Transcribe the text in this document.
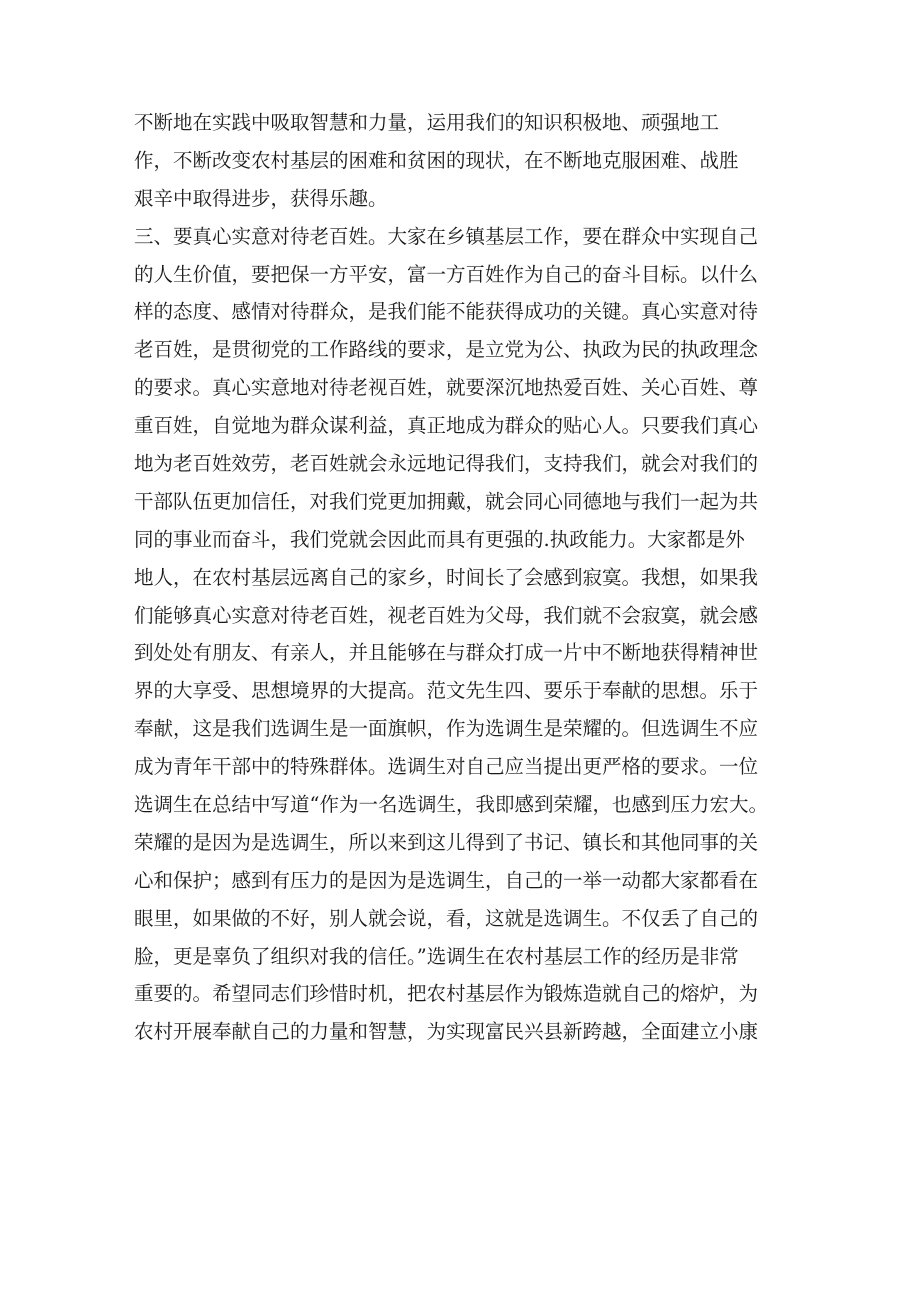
不断地在实践中吸取智慧和力量，运用我们的知识积极地、顽强地工
作，不断改变农村基层的困难和贫困的现状，在不断地克服困难、战胜
艰辛中取得进步，获得乐趣。
三、要真心实意对待老百姓。大家在乡镇基层工作，要在群众中实现自己
的人生价值，要把保一方平安，富一方百姓作为自己的奋斗目标。以什么
样的态度、感情对待群众，是我们能不能获得成功的关键。真心实意对待
老百姓，是贯彻党的工作路线的要求，是立党为公、执政为民的执政理念
的要求。真心实意地对待老视百姓，就要深沉地热爱百姓、关心百姓、尊
重百姓，自觉地为群众谋利益，真正地成为群众的贴心人。只要我们真心
地为老百姓效劳，老百姓就会永远地记得我们，支持我们，就会对我们的
干部队伍更加信任，对我们党更加拥戴，就会同心同德地与我们一起为共
同的事业而奋斗，我们党就会因此而具有更强的.执政能力。大家都是外
地人，在农村基层远离自己的家乡，时间长了会感到寂寞。我想，如果我
们能够真心实意对待老百姓，视老百姓为父母，我们就不会寂寞，就会感
到处处有朋友、有亲人，并且能够在与群众打成一片中不断地获得精神世
界的大享受、思想境界的大提高。范文先生四、要乐于奉献的思想。乐于
奉献，这是我们选调生是一面旗帜，作为选调生是荣耀的。但选调生不应
成为青年干部中的特殊群体。选调生对自己应当提出更严格的要求。一位
选调生在总结中写道“作为一名选调生，我即感到荣耀，也感到压力宏大。
荣耀的是因为是选调生，所以来到这儿得到了书记、镇长和其他同事的关
心和保护；感到有压力的是因为是选调生，自己的一举一动都大家都看在
眼里，如果做的不好，别人就会说，看，这就是选调生。不仅丢了自己的
脸，更是辜负了组织对我的信任。”选调生在农村基层工作的经历是非常
重要的。希望同志们珍惜时机，把农村基层作为锻炼造就自己的熔炉，为
农村开展奉献自己的力量和智慧，为实现富民兴县新跨越，全面建立小康
